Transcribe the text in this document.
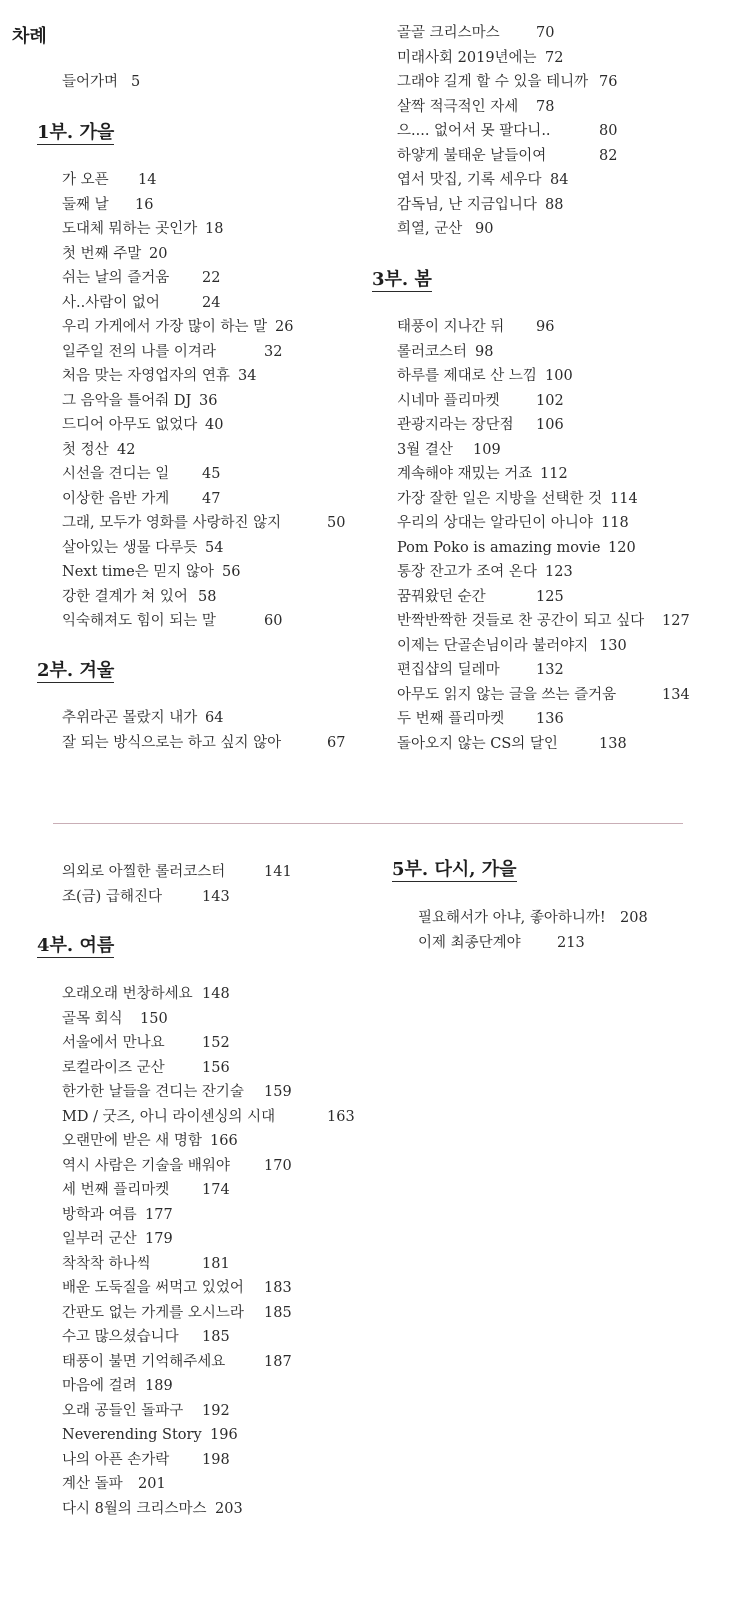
차례
들어가며 5
1부. 가을
가 오픈 14
둘째 날 16
도대체 뭐하는 곳인가 18
첫 번째 주말 20
쉬는 날의 즐거움 22
사..사람이 없어	24
우리 가게에서 가장 많이 하는 말 26
일주일 전의 나를 이겨라	32
처음 맞는 자영업자의 연휴 34
그 음악을 틀어줘 DJ 36
드디어 아무도 없었다 40
첫 정산 42
시선을 견디는 일 45
이상한 음반 가게 47
그래, 모두가 영화를 사랑하진 않지	50
살아있는 생물 다루듯 54
Next time은 믿지 않아 56
강한 결계가 쳐 있어 58
익숙해져도 힘이 되는 말	60
2부. 겨울
추위라곤 몰랐지 내가 64
잘 되는 방식으로는 하고 싶지 않아	67
골골 크리스마스	70
미래사회 2019년에는 72
그래야 길게 할 수 있을 테니까 76
살짝 적극적인 자세 78
으.... 없어서 못 팔다니..	80
하얗게 불태운 날들이여	82
엽서 맛집, 기록 세우다 84
감독님, 난 지금입니다 88
희열, 군산 90
3부. 봄
태풍이 지나간 뒤 96
롤러코스터 98
하루를 제대로 산 느낌 100
시네마 플리마켓	102
관광지라는 장단점 106
3월 결산 109
계속해야 재밌는 거죠 112
가장 잘한 일은 지방을 선택한 것 114
우리의 상대는 알라딘이 아니야 118
Pom Poko is amazing movie 120
통장 잔고가 조여 온다 123
꿈꿔왔던 순간	125
반짝반짝한 것들로 찬 공간이 되고 싶다 127
이제는 단골손님이라 불러야지 130
편집샵의 딜레마	132
아무도 읽지 않는 글을 쓰는 즐거움	134
두 번째 플리마켓 136
돌아오지 않는 CS의 달인	138
의외로 아찔한 롤러코스터	141
조(금) 급해진다	143
4부. 여름
오래오래 번창하세요 148
골목 회식 150
서울에서 만나요	152
로컬라이즈 군산	156
한가한 날들을 견디는 잔기술 159
MD / 굿즈, 아니 라이센싱의 시대	163
오랜만에 받은 새 명함 166
역시 사람은 기술을 배워야 170
세 번째 플리마켓 174
방학과 여름 177
일부러 군산 179
착착착 하나씩	181
배운 도둑질을 써먹고 있었어 183
간판도 없는 가게를 오시느라 185
수고 많으셨습니다 185
태풍이 불면 기억해주세요	187
마음에 걸려 189
오래 공들인 돌파구 192
Neverending Story 196
나의 아픈 손가락 198
계산 돌파 201
다시 8월의 크리스마스 203
5부. 다시, 가을
필요해서가 아냐, 좋아하니까! 208
이제 최종단계야	213
